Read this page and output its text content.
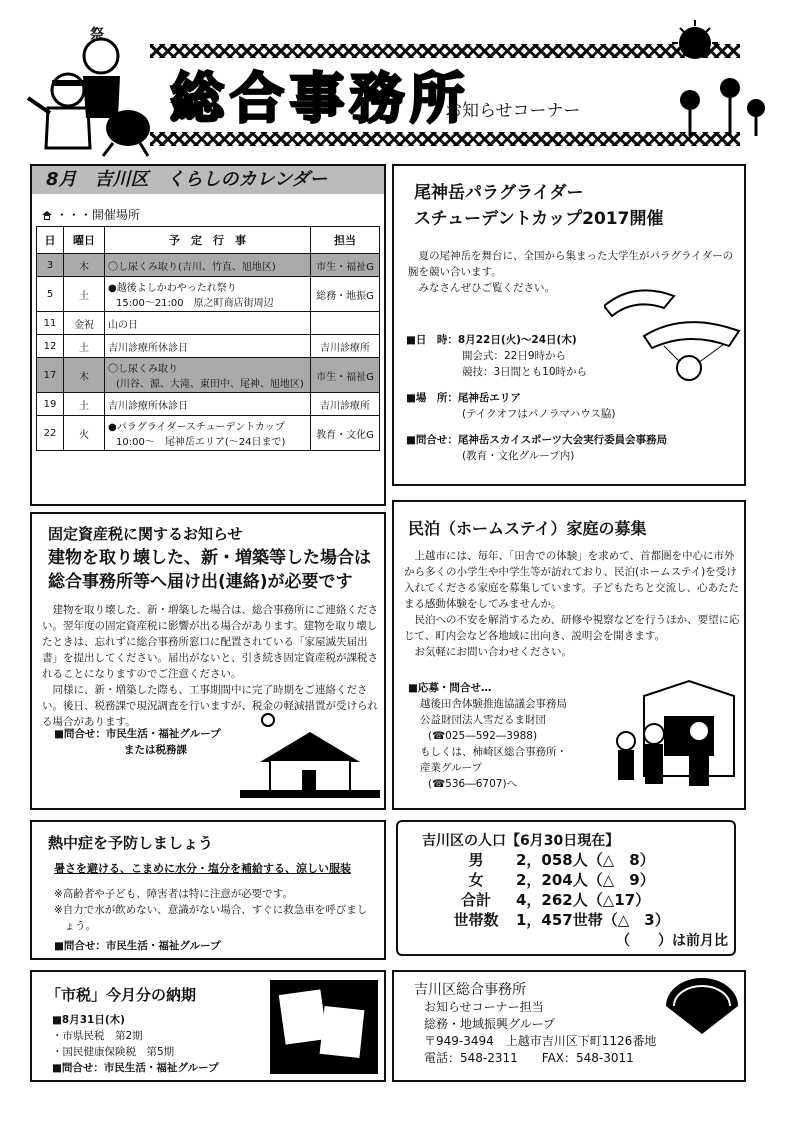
祭
総合事務所
お知らせコーナー
8月　吉川区　くらしのカレンダー
・・・開催場所
日	曜日	予　定　行　事	担当
3	木	〇し尿くみ取り(吉川、竹直、旭地区)	市生・福祉G
5	土	●越後よしかわやったれ祭り
15:00～21:00　原之町商店街周辺	総務・地振G
11	金祝	山の日	

12	土	吉川診療所休診日	吉川診療所
17	木	〇し尿くみ取り
(川谷、源、大滝、東田中、尾神、旭地区)	市生・福祉G
19	土	吉川診療所休診日	吉川診療所
22	火	●パラグライダースチューデントカップ
10:00～　尾神岳エリア(～24日まで)	教育・文化G
尾神岳パラグライダー
スチューデントカップ2017開催
夏の尾神岳を舞台に、全国から集まった大学生がパラグライダーの腕を競い合います。
みなさんぜひご覧ください。
■日　時：8月22日(火)～24日(木)
開会式：22日9時から
競技：3日間とも10時から
■場　所：尾神岳エリア
(テイクオフはパノラマハウス脇)
■問合せ：尾神岳スカイスポーツ大会実行委員会事務局
(教育・文化グループ内)
固定資産税に関するお知らせ
建物を取り壊した、新・増築等した場合は
総合事務所等へ届け出(連絡)が必要です
建物を取り壊した、新・増築した場合は、総合事務所にご連絡ください。翌年度の固定資産税に影響が出る場合があります。建物を取り壊したときは、忘れずに総合事務所窓口に配置されている「家屋滅失届出書」を提出してください。届出がないと、引き続き固定資産税が課税されることになりますのでご注意ください。
同様に、新・増築した際も、工事期間中に完了時期をご連絡ください。後日、税務課で現況調査を行いますが、税金の軽減措置が受けられる場合があります。
■問合せ：市民生活・福祉グループ
または税務課
民泊（ホームステイ）家庭の募集
上越市には、毎年、「田舎での体験」を求めて、首都圏を中心に市外から多くの小学生や中学生等が訪れており、民泊(ホームステイ)を受け入れてくださる家庭を募集しています。子どもたちと交流し、心あたたまる感動体験をしてみませんか。
民泊への不安を解消するため、研修や視察などを行うほか、要望に応じて、町内会など各地域に出向き、説明会を開きます。
お気軽にお問い合わせください。
■応募・問合せ…
越後田舎体験推進協議会事務局
公益財団法人雪だるま財団
(☎025―592―3988)
もしくは、柿崎区総合事務所・
産業グループ
(☎536―6707)へ
熱中症を予防しましょう
暑さを避ける、こまめに水分・塩分を補給する、涼しい服装
※高齢者や子ども、障害者は特に注意が必要です。
※自力で水が飲めない、意識がない場合、すぐに救急車を呼びましょう。
■問合せ：市民生活・福祉グループ
吉川区の人口【6月30日現在】
男 2，058人（△　8）
女 2，204人（△　9）
合計 4，262人（△17）
世帯数 1，457世帯（△　3）
（　　）は前月比
「市税」今月分の納期
■8月31日(木)
・市県民税　第2期
・国民健康保険税　第5期
■問合せ：市民生活・福祉グループ
吉川区総合事務所
お知らせコーナー担当
総務・地域振興グループ
〒949-3494　上越市吉川区下町1126番地
電話：548-2311　　FAX：548-3011
